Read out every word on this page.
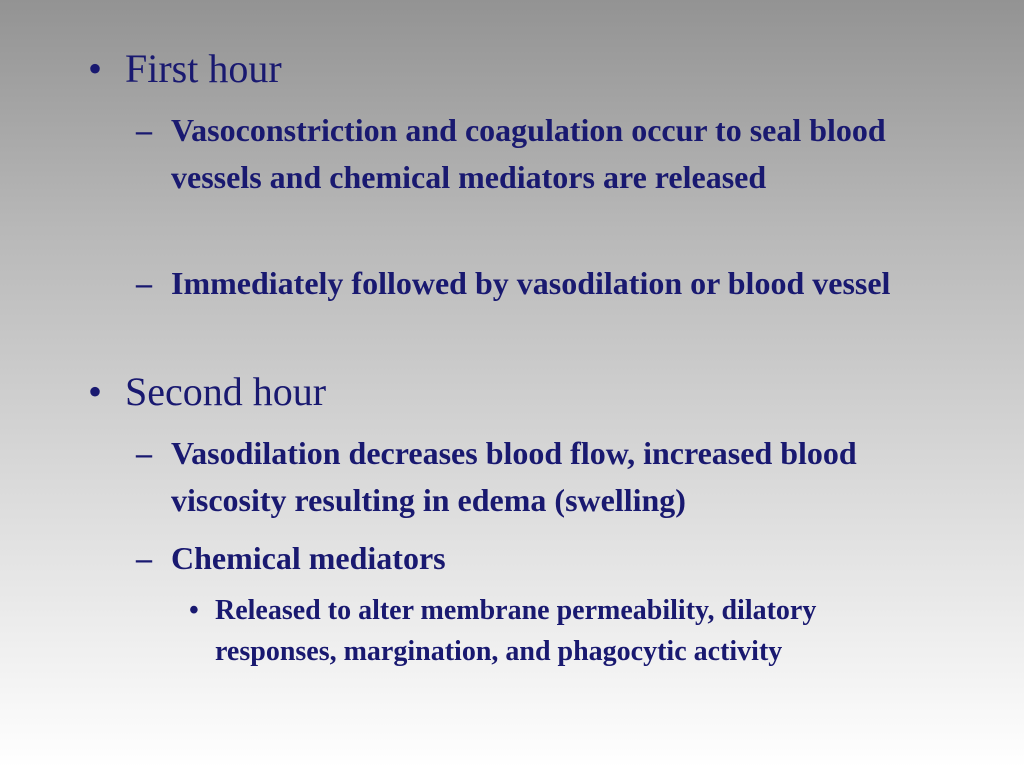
• First hour
– Vasoconstriction and coagulation occur to seal blood vessels and chemical mediators are released
– Immediately followed by vasodilation or blood vessel
• Second hour
– Vasodilation decreases blood flow, increased blood viscosity resulting in edema (swelling)
– Chemical mediators
• Released to alter membrane permeability, dilatory responses, margination, and phagocytic activity
